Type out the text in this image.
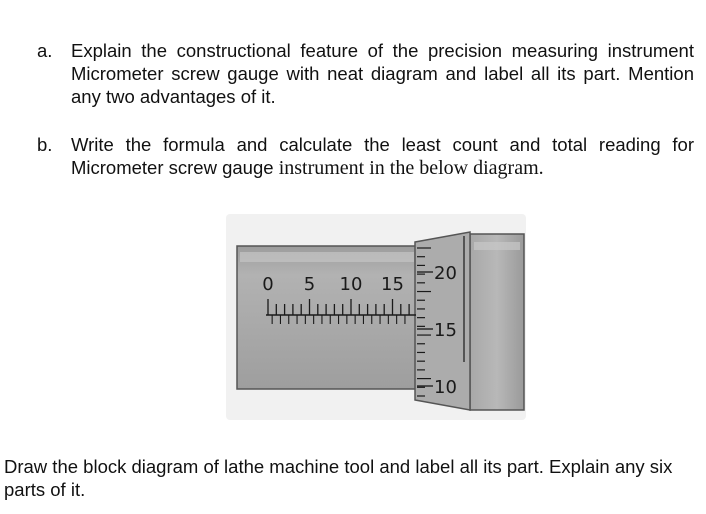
a. Explain the constructional feature of the precision measuring instrument Micrometer screw gauge with neat diagram and label all its part. Mention any two advantages of it.
b. Write the formula and calculate the least count and total reading for Micrometer screw gauge instrument in the below diagram.
0 5 10 15
20
15
10
Draw the block diagram of lathe machine tool and label all its part. Explain any six parts of it.
